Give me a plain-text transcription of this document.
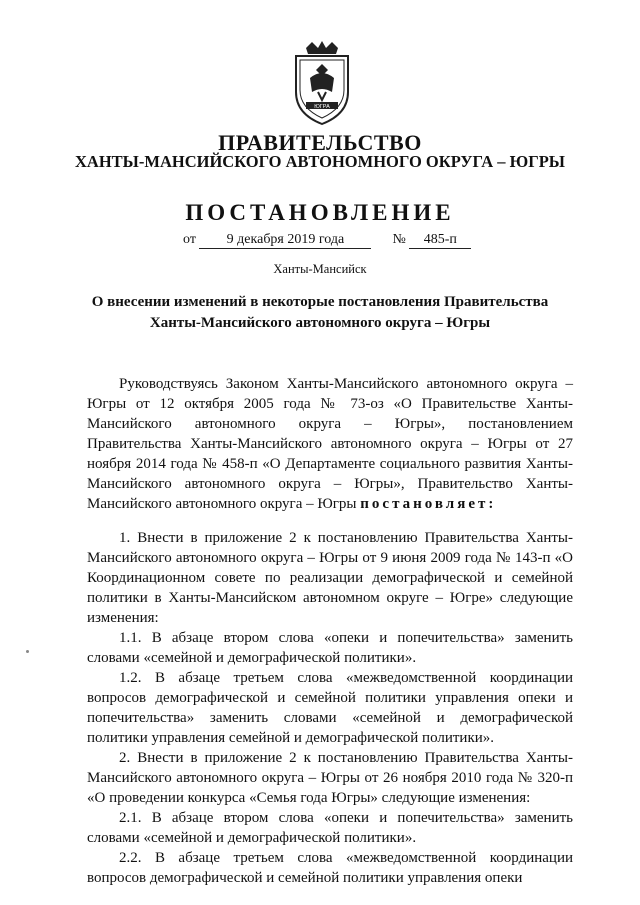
ЮГРА
ПРАВИТЕЛЬСТВО
ХАНТЫ-МАНСИЙСКОГО АВТОНОМНОГО ОКРУГА – ЮГРЫ
ПОСТАНОВЛЕНИЕ
от 9 декабря 2019 года	№ 485-п
Ханты-Мансийск
О внесении изменений в некоторые постановления Правительства
Ханты-Мансийского автономного округа – Югры

Руководствуясь Законом Ханты-Мансийского автономного округа – Югры от 12 октября 2005 года № 73-оз «О Правительстве Ханты-Мансийского автономного округа – Югры», постановлением Правительства Ханты-Мансийского автономного округа – Югры от 27 ноября 2014 года № 458-п «О Департаменте социального развития Ханты-Мансийского автономного округа – Югры», Правительство Ханты-Мансийского автономного округа – Югры постановляет:

1. Внести в приложение 2 к постановлению Правительства Ханты-Мансийского автономного округа – Югры от 9 июня 2009 года № 143-п «О Координационном совете по реализации демографической и семейной политики в Ханты-Мансийском автономном округе – Югре» следующие изменения:

1.1. В абзаце втором слова «опеки и попечительства» заменить словами «семейной и демографической политики».

1.2. В абзаце третьем слова «межведомственной координации вопросов демографической и семейной политики управления опеки и попечительства» заменить словами «семейной и демографической политики управления семейной и демографической политики».

2. Внести в приложение 2 к постановлению Правительства Ханты-Мансийского автономного округа – Югры от 26 ноября 2010 года № 320-п «О проведении конкурса «Семья года Югры» следующие изменения:

2.1. В абзаце втором слова «опеки и попечительства» заменить словами «семейной и демографической политики».

2.2. В абзаце третьем слова «межведомственной координации вопросов демографической и семейной политики управления опеки
